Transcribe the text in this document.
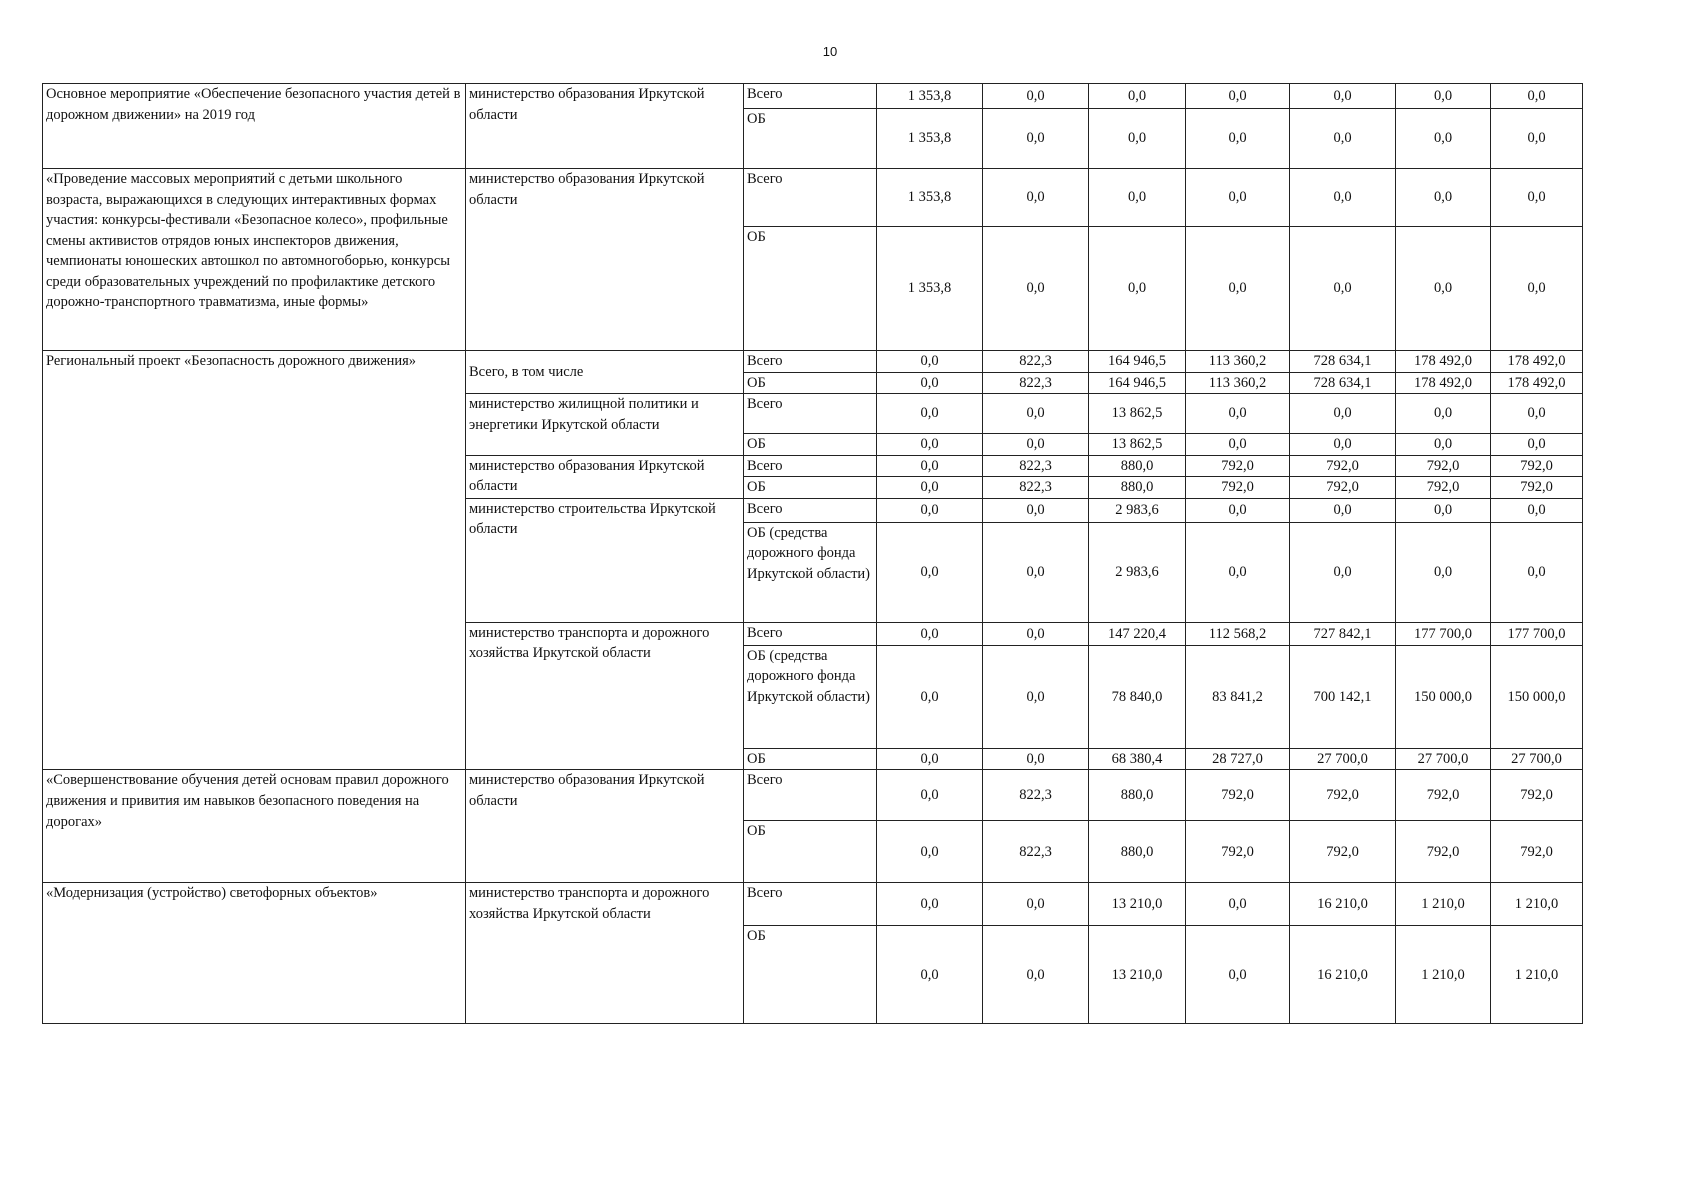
10
Основное мероприятие «Обеспечение безопасного участия детей в дорожном движении» на 2019 год	министерство образования Иркутской области	Всего	1 353,8	0,0	0,0	0,0	0,0	0,0	0,0
		ОБ	1 353,8	0,0	0,0	0,0	0,0	0,0	0,0
«Проведение массовых мероприятий с детьми школьного возраста, выражающихся в следующих интерактивных формах участия: конкурсы-фестивали «Безопасное колесо», профильные смены активистов отрядов юных инспекторов движения, чемпионаты юношеских автошкол по автомногоборью, конкурсы среди образовательных учреждений по профилактике детского дорожно-транспортного травматизма, иные формы»	министерство образования Иркутской области	Всего	1 353,8	0,0	0,0	0,0	0,0	0,0	0,0
		ОБ	1 353,8	0,0	0,0	0,0	0,0	0,0	0,0
Региональный проект «Безопасность дорожного движения»	Всего, в том числе	Всего	0,0	822,3	164 946,5	113 360,2	728 634,1	178 492,0	178 492,0
		ОБ	0,0	822,3	164 946,5	113 360,2	728 634,1	178 492,0	178 492,0
	министерство жилищной политики и энергетики Иркутской области	Всего	0,0	0,0	13 862,5	0,0	0,0	0,0	0,0
		ОБ	0,0	0,0	13 862,5	0,0	0,0	0,0	0,0
	министерство образования Иркутской области	Всего	0,0	822,3	880,0	792,0	792,0	792,0	792,0
		ОБ	0,0	822,3	880,0	792,0	792,0	792,0	792,0
	министерство строительства Иркутской области	Всего	0,0	0,0	2 983,6	0,0	0,0	0,0	0,0
		ОБ (средства дорожного фонда Иркутской области)	0,0	0,0	2 983,6	0,0	0,0	0,0	0,0
	министерство транспорта и дорожного хозяйства Иркутской области	Всего	0,0	0,0	147 220,4	112 568,2	727 842,1	177 700,0	177 700,0
		ОБ (средства дорожного фонда Иркутской области)	0,0	0,0	78 840,0	83 841,2	700 142,1	150 000,0	150 000,0
		ОБ	0,0	0,0	68 380,4	28 727,0	27 700,0	27 700,0	27 700,0
«Совершенствование обучения детей основам правил дорожного движения и привития им навыков безопасного поведения на дорогах»	министерство образования Иркутской области	Всего	0,0	822,3	880,0	792,0	792,0	792,0	792,0
		ОБ	0,0	822,3	880,0	792,0	792,0	792,0	792,0
«Модернизация (устройство) светофорных объектов»	министерство транспорта и дорожного хозяйства Иркутской области	Всего	0,0	0,0	13 210,0	0,0	16 210,0	1 210,0	1 210,0
		ОБ	0,0	0,0	13 210,0	0,0	16 210,0	1 210,0	1 210,0
